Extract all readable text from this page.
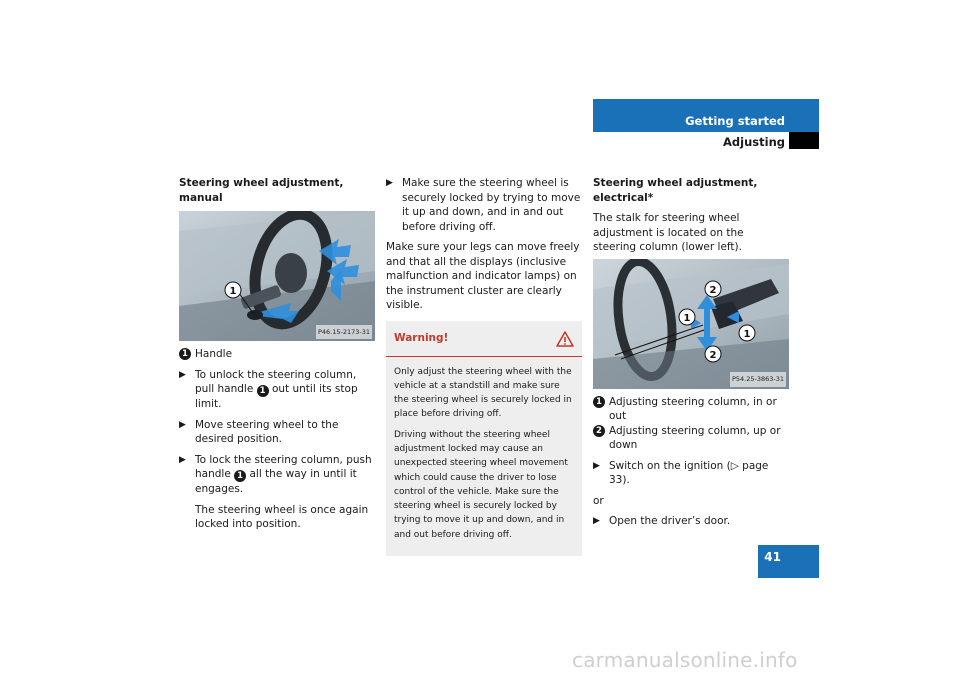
Getting started
Adjusting
Steering wheel adjustment, manual
1
P46.15-2173-31
1 Handle
▶ To unlock the steering column, pull handle 1 out until its stop limit.
▶ Move steering wheel to the desired position.
▶ To lock the steering column, push handle 1 all the way in until it engages.
The steering wheel is once again locked into position.
▶ Make sure the steering wheel is securely locked by trying to move it up and down, and in and out before driving off.
Make sure your legs can move freely and that all the displays (inclusive malfunction and indicator lamps) on the instrument cluster are clearly visible.
Warning!

Only adjust the steering wheel with the vehicle at a standstill and make sure the steering wheel is securely locked in place before driving off.

Driving without the steering wheel adjustment locked may cause an unexpected steering wheel movement which could cause the driver to lose control of the vehicle. Make sure the steering wheel is securely locked by trying to move it up and down, and in and out before driving off.

Steering wheel adjustment, electrical*
The stalk for steering wheel adjustment is located on the steering column (lower left).
2
1
1
2
P54.25-3863-31
1 Adjusting steering column, in or out
2 Adjusting steering column, up or down
▶ Switch on the ignition (▷ page 33).
or
▶ Open the driver’s door.
41
carmanualsonline.info
